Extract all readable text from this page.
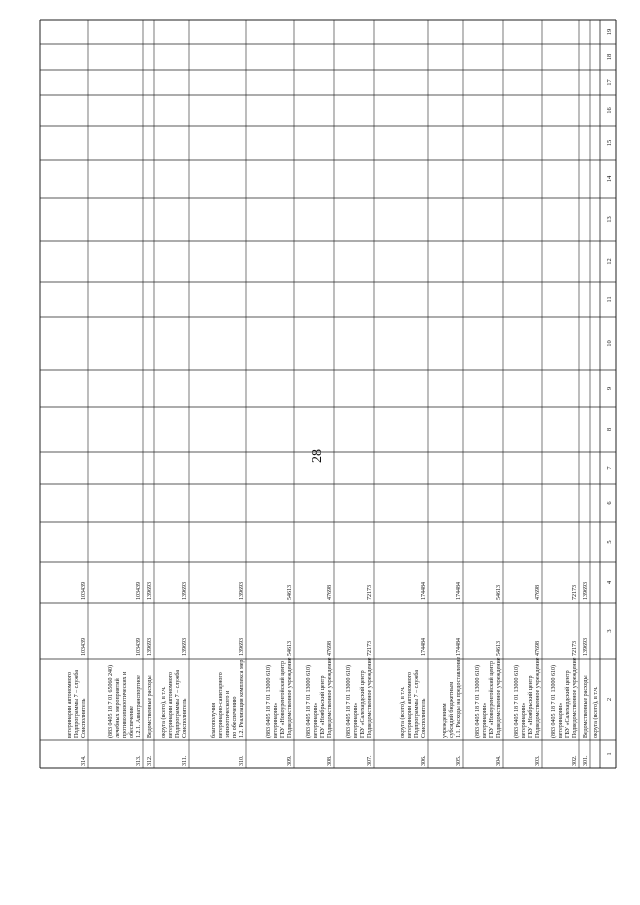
28
19
18
17
16
15
14
13
12
11
10
9
8
7
6
5
4
3
2
1
округа (всего), в т.ч.
301.
Ведомственные расходы
139693
139693
302.
Подведомственное учреждение
ГБУ «Салехардский центр
ветеринарии»
(883 0405 18 7 01 13000 610)
72173
72173
303.
Подведомственное учреждение
ГБУ «Ноябрьский центр
ветеринарии»
(883 0405 18 7 01 13000 610)
47698
47698
304.
Подведомственное учреждение
ГБУ «Новоуренгойский центр
ветеринарии»
(883 0405 18 7 01 13000 610)
54613
54613
305.
1.1. Расходы на предоставление
субсидий бюджетным
учреждениям
174484
174484
306.
Соисполнитель
Подпрограммы 7 – служба
ветеринарии автономного
округа (всего), в т.ч.
174484
174484
307.
Подведомственное учреждение
ГБУ «Салехардский центр
ветеринарии»
(883 0405 18 7 01 13000 610)
72173
72173
308.
Подведомственное учреждение
ГБУ «Ноябрьский центр
ветеринарии»
(883 0405 18 7 01 13000 610)
47698
47698
309.
Подведомственное учреждение
ГБУ «Новоуренгойский центр
ветеринарии»
(883 0405 18 7 01 13000 610)
54613
54613
310.
1.2. Реализация комплекса мер
по обеспечению
эпизоотического и
ветеринарно-санитарного
благополучия
139693
139693
311.
Соисполнитель
Подпрограммы 7 – служба
ветеринарии автономного
округа (всего), в т.ч.
139693
139693
312.
Ведомственные расходы
139693
139693
313.
1.2.1. Авиатранспортное
обеспечение
противоэпизоотических и
лечебных мероприятий
(883 0405 18 7 01 65060 240)
103439
103439
314.
Соисполнитель
Подпрограммы 7 – служба
ветеринарии автономного
103439
103439
